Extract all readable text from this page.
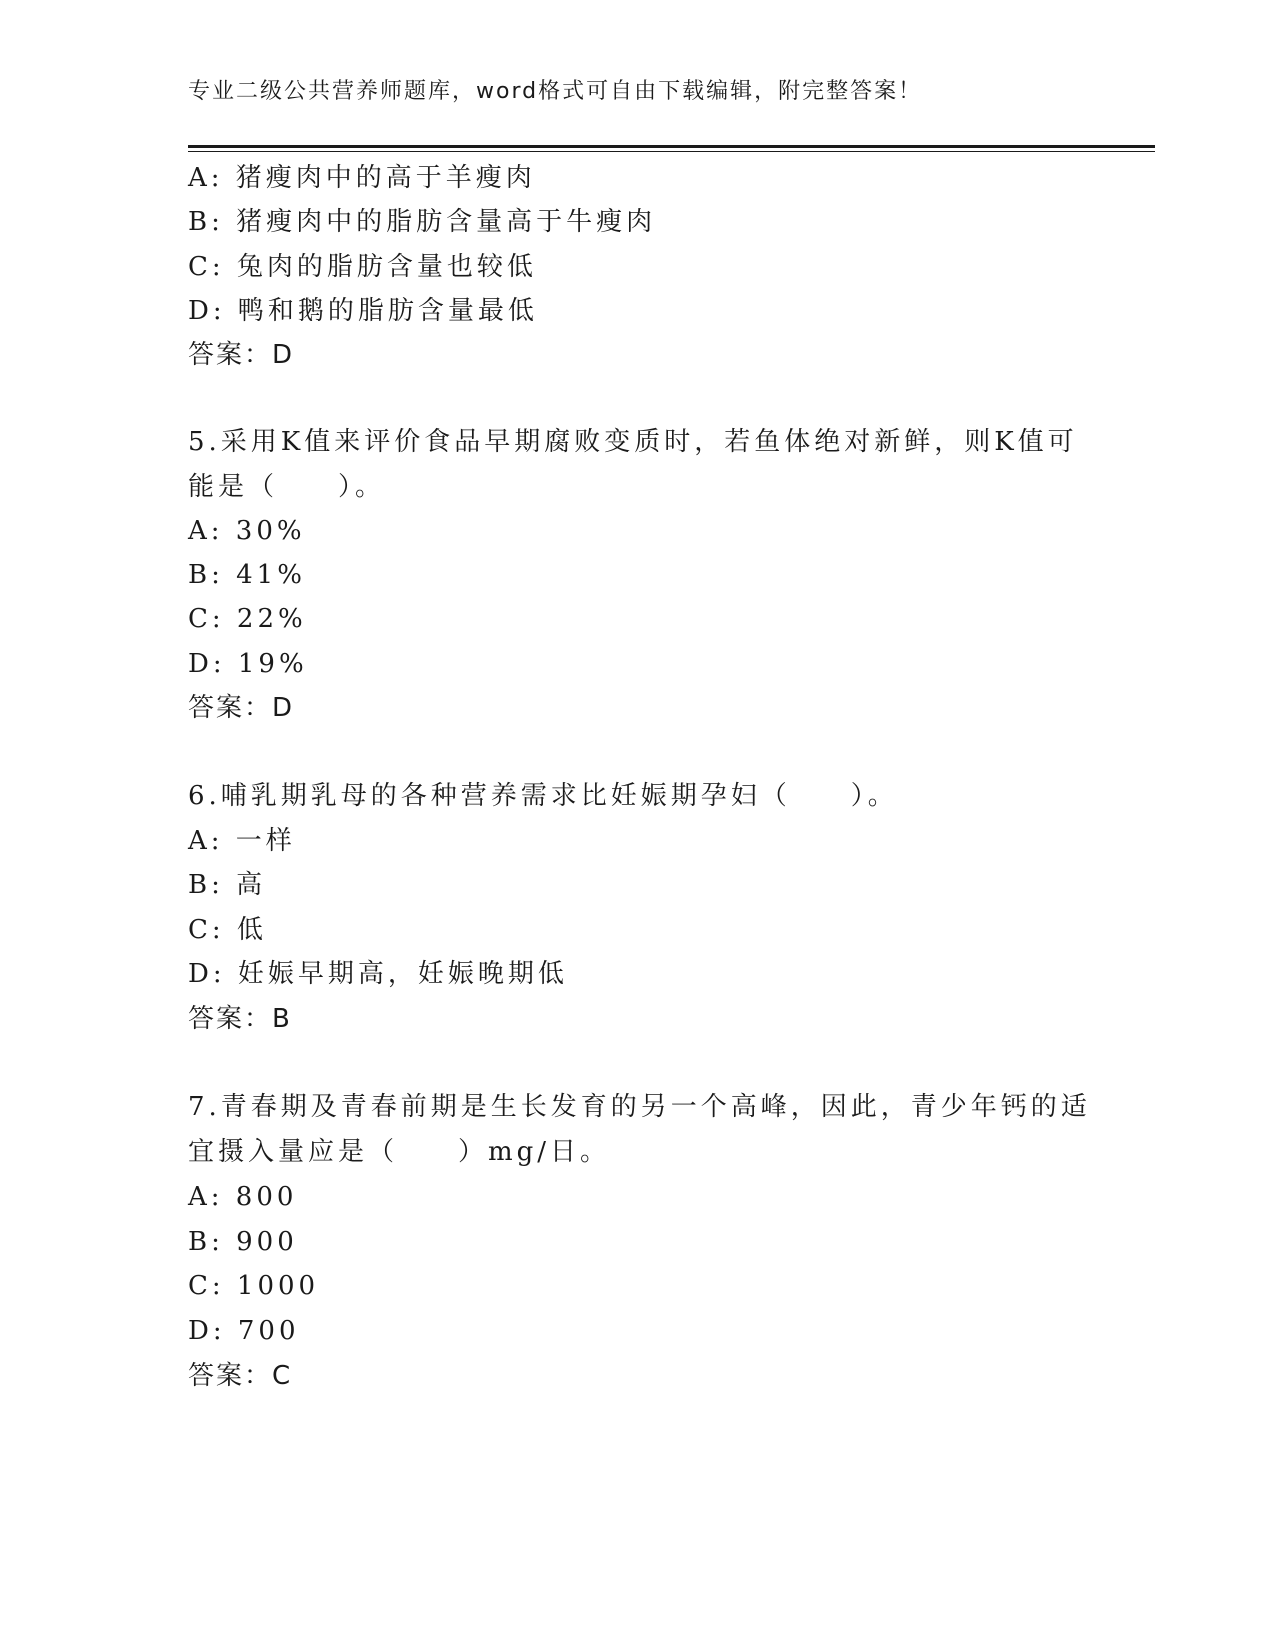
专业二级公共营养师题库，word格式可自由下载编辑，附完整答案！
A: 猪瘦肉中的高于羊瘦肉
B: 猪瘦肉中的脂肪含量高于牛瘦肉
C: 兔肉的脂肪含量也较低
D: 鸭和鹅的脂肪含量最低
答案：D
5.采用K值来评价食品早期腐败变质时，若鱼体绝对新鲜，则K值可
能是（　　）。
A: 30%
B: 41%
C: 22%
D: 19%
答案：D
6.哺乳期乳母的各种营养需求比妊娠期孕妇（　　）。
A: 一样
B: 高
C: 低
D: 妊娠早期高，妊娠晚期低
答案：B
7.青春期及青春前期是生长发育的另一个高峰，因此，青少年钙的适
宜摄入量应是（　　）mg/日。
A: 800
B: 900
C: 1000
D: 700
答案：C
